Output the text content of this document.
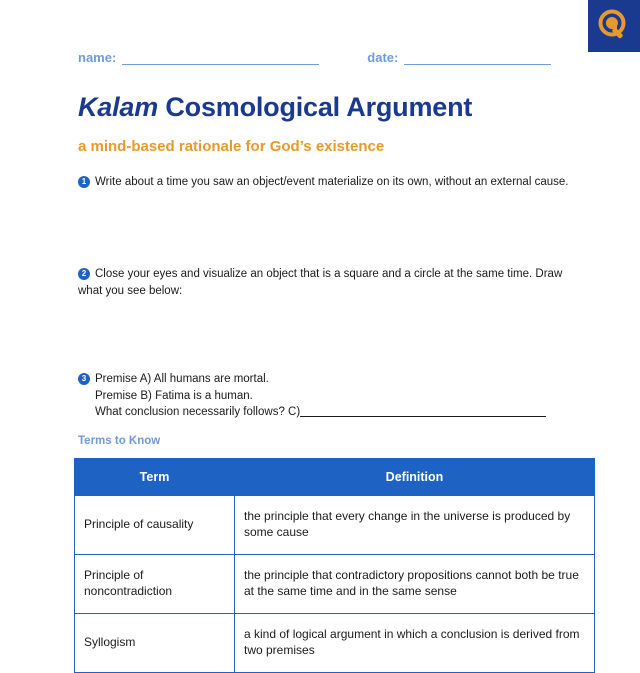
name:	date:
Kalam Cosmological Argument
a mind-based rationale for God’s existence
1 Write about a time you saw an object/event materialize on its own, without an external cause.
2 Close your eyes and visualize an object that is a square and a circle at the same time. Draw what you see below:
3 Premise A) All humans are mortal.
Premise B) Fatima is a human.
What conclusion necessarily follows? C)
Terms to Know
Term	Definition
Principle of causality	the principle that every change in the universe is produced by some cause
Principle of noncontradiction	the principle that contradictory propositions cannot both be true at the same time and in the same sense
Syllogism	a kind of logical argument in which a conclusion is derived from two premises
